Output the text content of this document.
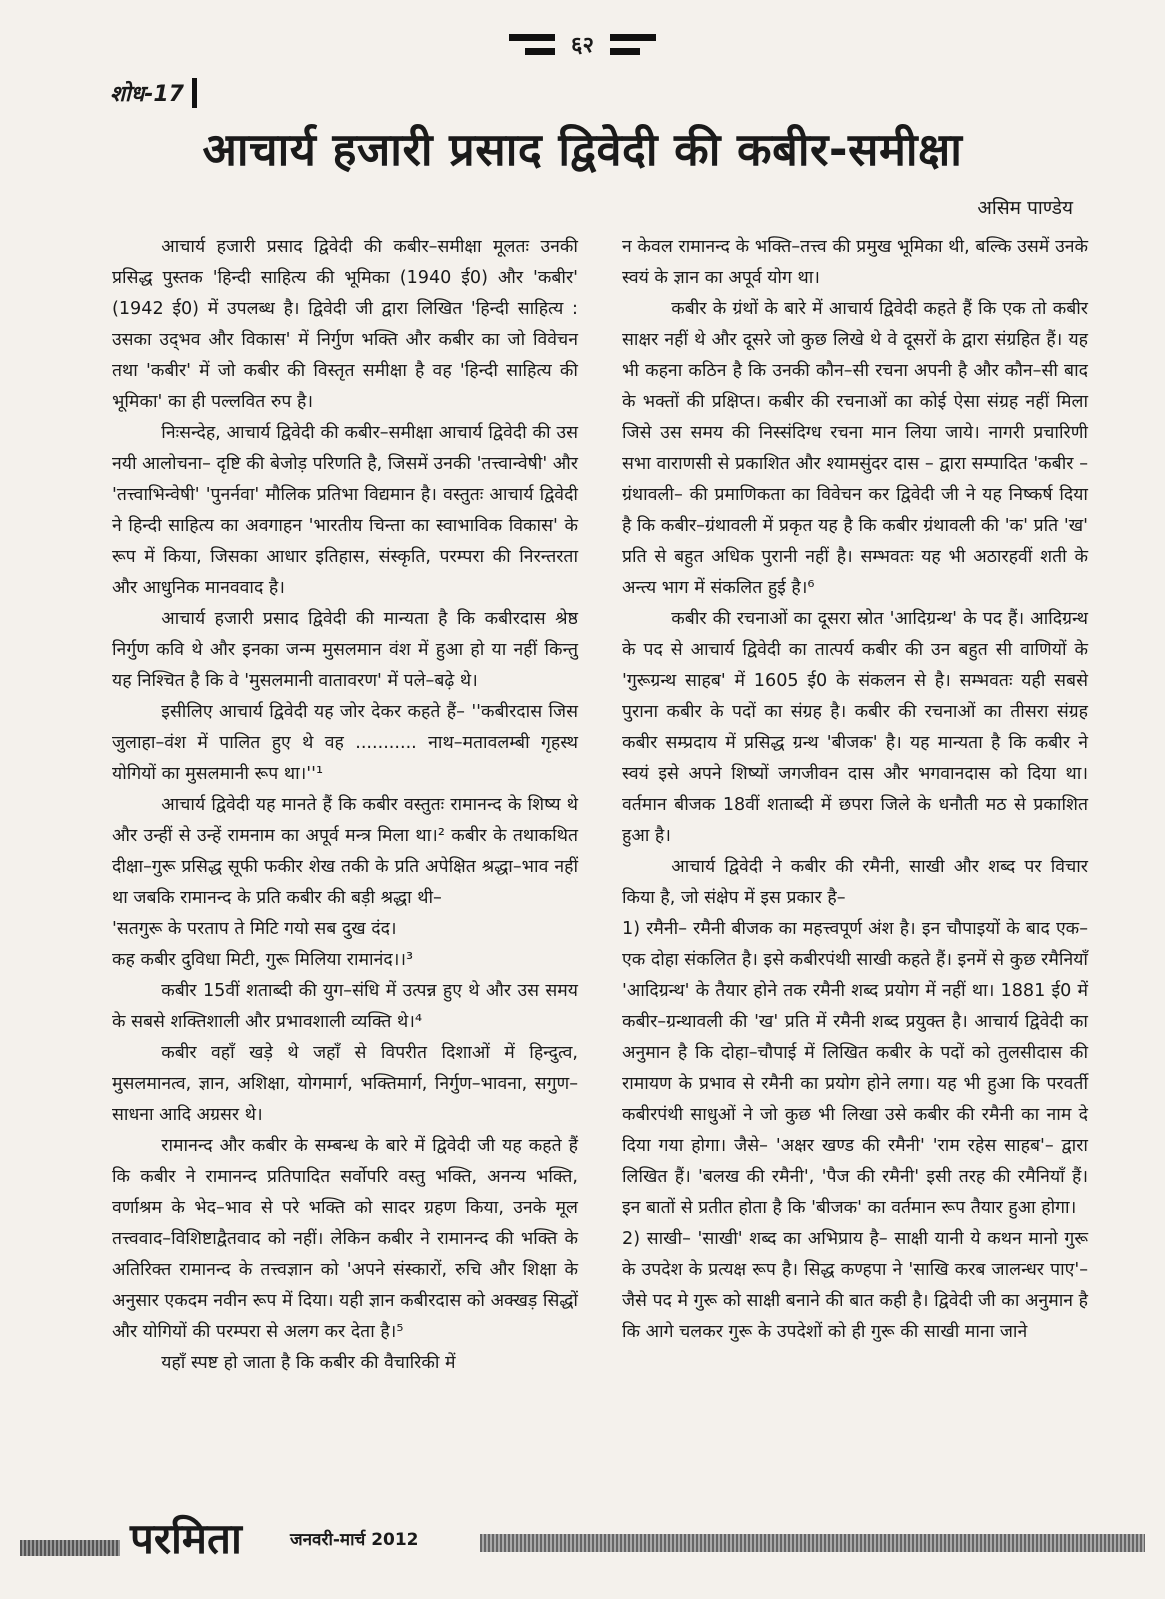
६२
शोध-17
आचार्य हजारी प्रसाद द्विवेदी की कबीर-समीक्षा
असिम पाण्डेय

आचार्य हजारी प्रसाद द्विवेदी की कबीर–समीक्षा मूलतः उनकी प्रसिद्ध पुस्तक 'हिन्दी साहित्य की भूमिका (1940 ई0) और 'कबीर' (1942 ई0) में उपलब्ध है। द्विवेदी जी द्वारा लिखित 'हिन्दी साहित्य : उसका उद्‌भव और विकास' में निर्गुण भक्ति और कबीर का जो विवेचन तथा 'कबीर' में जो कबीर की विस्तृत समीक्षा है वह 'हिन्दी साहित्य की भूमिका' का ही पल्लवित रुप है।

निःसन्देह, आचार्य द्विवेदी की कबीर–समीक्षा आचार्य द्विवेदी की उस नयी आलोचना– दृष्टि की बेजोड़ परिणति है, जिसमें उनकी 'तत्त्वान्वेषी' और 'तत्त्वाभिन्वेषी' 'पुनर्नवा' मौलिक प्रतिभा विद्यमान है। वस्तुतः आचार्य द्विवेदी ने हिन्दी साहित्य का अवगाहन 'भारतीय चिन्ता का स्वाभाविक विकास' के रूप में किया, जिसका आधार इतिहास, संस्कृति, परम्परा की निरन्तरता और आधुनिक मानववाद है।

आचार्य हजारी प्रसाद द्विवेदी की मान्यता है कि कबीरदास श्रेष्ठ निर्गुण कवि थे और इनका जन्म मुसलमान वंश में हुआ हो या नहीं किन्तु यह निश्चित है कि वे 'मुसलमानी वातावरण' में पले–बढ़े थे।

इसीलिए आचार्य द्विवेदी यह जोर देकर कहते हैं– ''कबीरदास जिस जुलाहा–वंश में पालित हुए थे वह ........... नाथ–मतावलम्बी गृहस्थ योगियों का मुसलमानी रूप था।''¹

आचार्य द्विवेदी यह मानते हैं कि कबीर वस्तुतः रामानन्द के शिष्य थे और उन्हीं से उन्हें रामनाम का अपूर्व मन्त्र मिला था।² कबीर के तथाकथित दीक्षा–गुरू प्रसिद्ध सूफी फकीर शेख तकी के प्रति अपेक्षित श्रद्धा–भाव नहीं था जबकि रामानन्द के प्रति कबीर की बड़ी श्रद्धा थी–

'सतगुरू के परताप ते मिटि गयो सब दुख दंद।

कह कबीर दुविधा मिटी, गुरू मिलिया रामानंद।।³

कबीर 15वीं शताब्दी की युग–संधि में उत्पन्न हुए थे और उस समय के सबसे शक्तिशाली और प्रभावशाली व्यक्ति थे।⁴

कबीर वहाँ खड़े थे जहाँ से विपरीत दिशाओं में हिन्दुत्व, मुसलमानत्व, ज्ञान, अशिक्षा, योगमार्ग, भक्तिमार्ग, निर्गुण–भावना, सगुण–साधना आदि अग्रसर थे।

रामानन्द और कबीर के सम्बन्ध के बारे में द्विवेदी जी यह कहते हैं कि कबीर ने रामानन्द प्रतिपादित सर्वोपरि वस्तु भक्ति, अनन्य भक्ति, वर्णाश्रम के भेद–भाव से परे भक्ति को सादर ग्रहण किया, उनके मूल तत्त्ववाद–विशिष्टाद्वैतवाद को नहीं। लेकिन कबीर ने रामानन्द की भक्ति के अतिरिक्त रामानन्द के तत्त्वज्ञान को 'अपने संस्कारों, रुचि और शिक्षा के अनुसार एकदम नवीन रूप में दिया। यही ज्ञान कबीरदास को अक्खड़ सिद्धों और योगियों की परम्परा से अलग कर देता है।⁵

यहाँ स्पष्ट हो जाता है कि कबीर की वैचारिकी में

न केवल रामानन्द के भक्ति–तत्त्व की प्रमुख भूमिका थी, बल्कि उसमें उनके स्वयं के ज्ञान का अपूर्व योग था।

कबीर के ग्रंथों के बारे में आचार्य द्विवेदी कहते हैं कि एक तो कबीर साक्षर नहीं थे और दूसरे जो कुछ लिखे थे वे दूसरों के द्वारा संग्रहित हैं। यह भी कहना कठिन है कि उनकी कौन–सी रचना अपनी है और कौन–सी बाद के भक्तों की प्रक्षिप्त। कबीर की रचनाओं का कोई ऐसा संग्रह नहीं मिला जिसे उस समय की निस्संदिग्ध रचना मान लिया जाये। नागरी प्रचारिणी सभा वाराणसी से प्रकाशित और श्यामसुंदर दास – द्वारा सम्पादित 'कबीर – ग्रंथावली– की प्रमाणिकता का विवेचन कर द्विवेदी जी ने यह निष्कर्ष दिया है कि कबीर–ग्रंथावली में प्रकृत यह है कि कबीर ग्रंथावली की 'क' प्रति 'ख' प्रति से बहुत अधिक पुरानी नहीं है। सम्भवतः यह भी अठारहवीं शती के अन्त्य भाग में संकलित हुई है।⁶

कबीर की रचनाओं का दूसरा स्रोत 'आदिग्रन्थ' के पद हैं। आदिग्रन्थ के पद से आचार्य द्विवेदी का तात्पर्य कबीर की उन बहुत सी वाणियों के 'गुरूग्रन्थ साहब' में 1605 ई0 के संकलन से है। सम्भवतः यही सबसे पुराना कबीर के पदों का संग्रह है। कबीर की रचनाओं का तीसरा संग्रह कबीर सम्प्रदाय में प्रसिद्ध ग्रन्थ 'बीजक' है। यह मान्यता है कि कबीर ने स्वयं इसे अपने शिष्यों जगजीवन दास और भगवानदास को दिया था। वर्तमान बीजक 18वीं शताब्दी में छपरा जिले के धनौती मठ से प्रकाशित हुआ है।

आचार्य द्विवेदी ने कबीर की रमैनी, साखी और शब्द पर विचार किया है, जो संक्षेप में इस प्रकार है–

1) रमैनी– रमैनी बीजक का महत्त्वपूर्ण अंश है। इन चौपाइयों के बाद एक–एक दोहा संकलित है। इसे कबीरपंथी साखी कहते हैं। इनमें से कुछ रमैनियाँ 'आदिग्रन्थ' के तैयार होने तक रमैनी शब्द प्रयोग में नहीं था। 1881 ई0 में कबीर–ग्रन्थावली की 'ख' प्रति में रमैनी शब्द प्रयुक्त है। आचार्य द्विवेदी का अनुमान है कि दोहा–चौपाई में लिखित कबीर के पदों को तुलसीदास की रामायण के प्रभाव से रमैनी का प्रयोग होने लगा। यह भी हुआ कि परवर्ती कबीरपंथी साधुओं ने जो कुछ भी लिखा उसे कबीर की रमैनी का नाम दे दिया गया होगा। जैसे– 'अक्षर खण्ड की रमैनी' 'राम रहेस साहब'– द्वारा लिखित हैं। 'बलख की रमैनी', 'पैज की रमैनी' इसी तरह की रमैनियाँ हैं। इन बातों से प्रतीत होता है कि 'बीजक' का वर्तमान रूप तैयार हुआ होगा।

2) साखी– 'साखी' शब्द का अभिप्राय है– साक्षी यानी ये कथन मानो गुरू के उपदेश के प्रत्यक्ष रूप है। सिद्ध कण्हपा ने 'साखि करब जालन्धर पाए'– जैसे पद मे गुरू को साक्षी बनाने की बात कही है। द्विवेदी जी का अनुमान है कि आगे चलकर गुरू के उपदेशों को ही गुरू की साखी माना जाने

परमिता	जनवरी-मार्च 2012
